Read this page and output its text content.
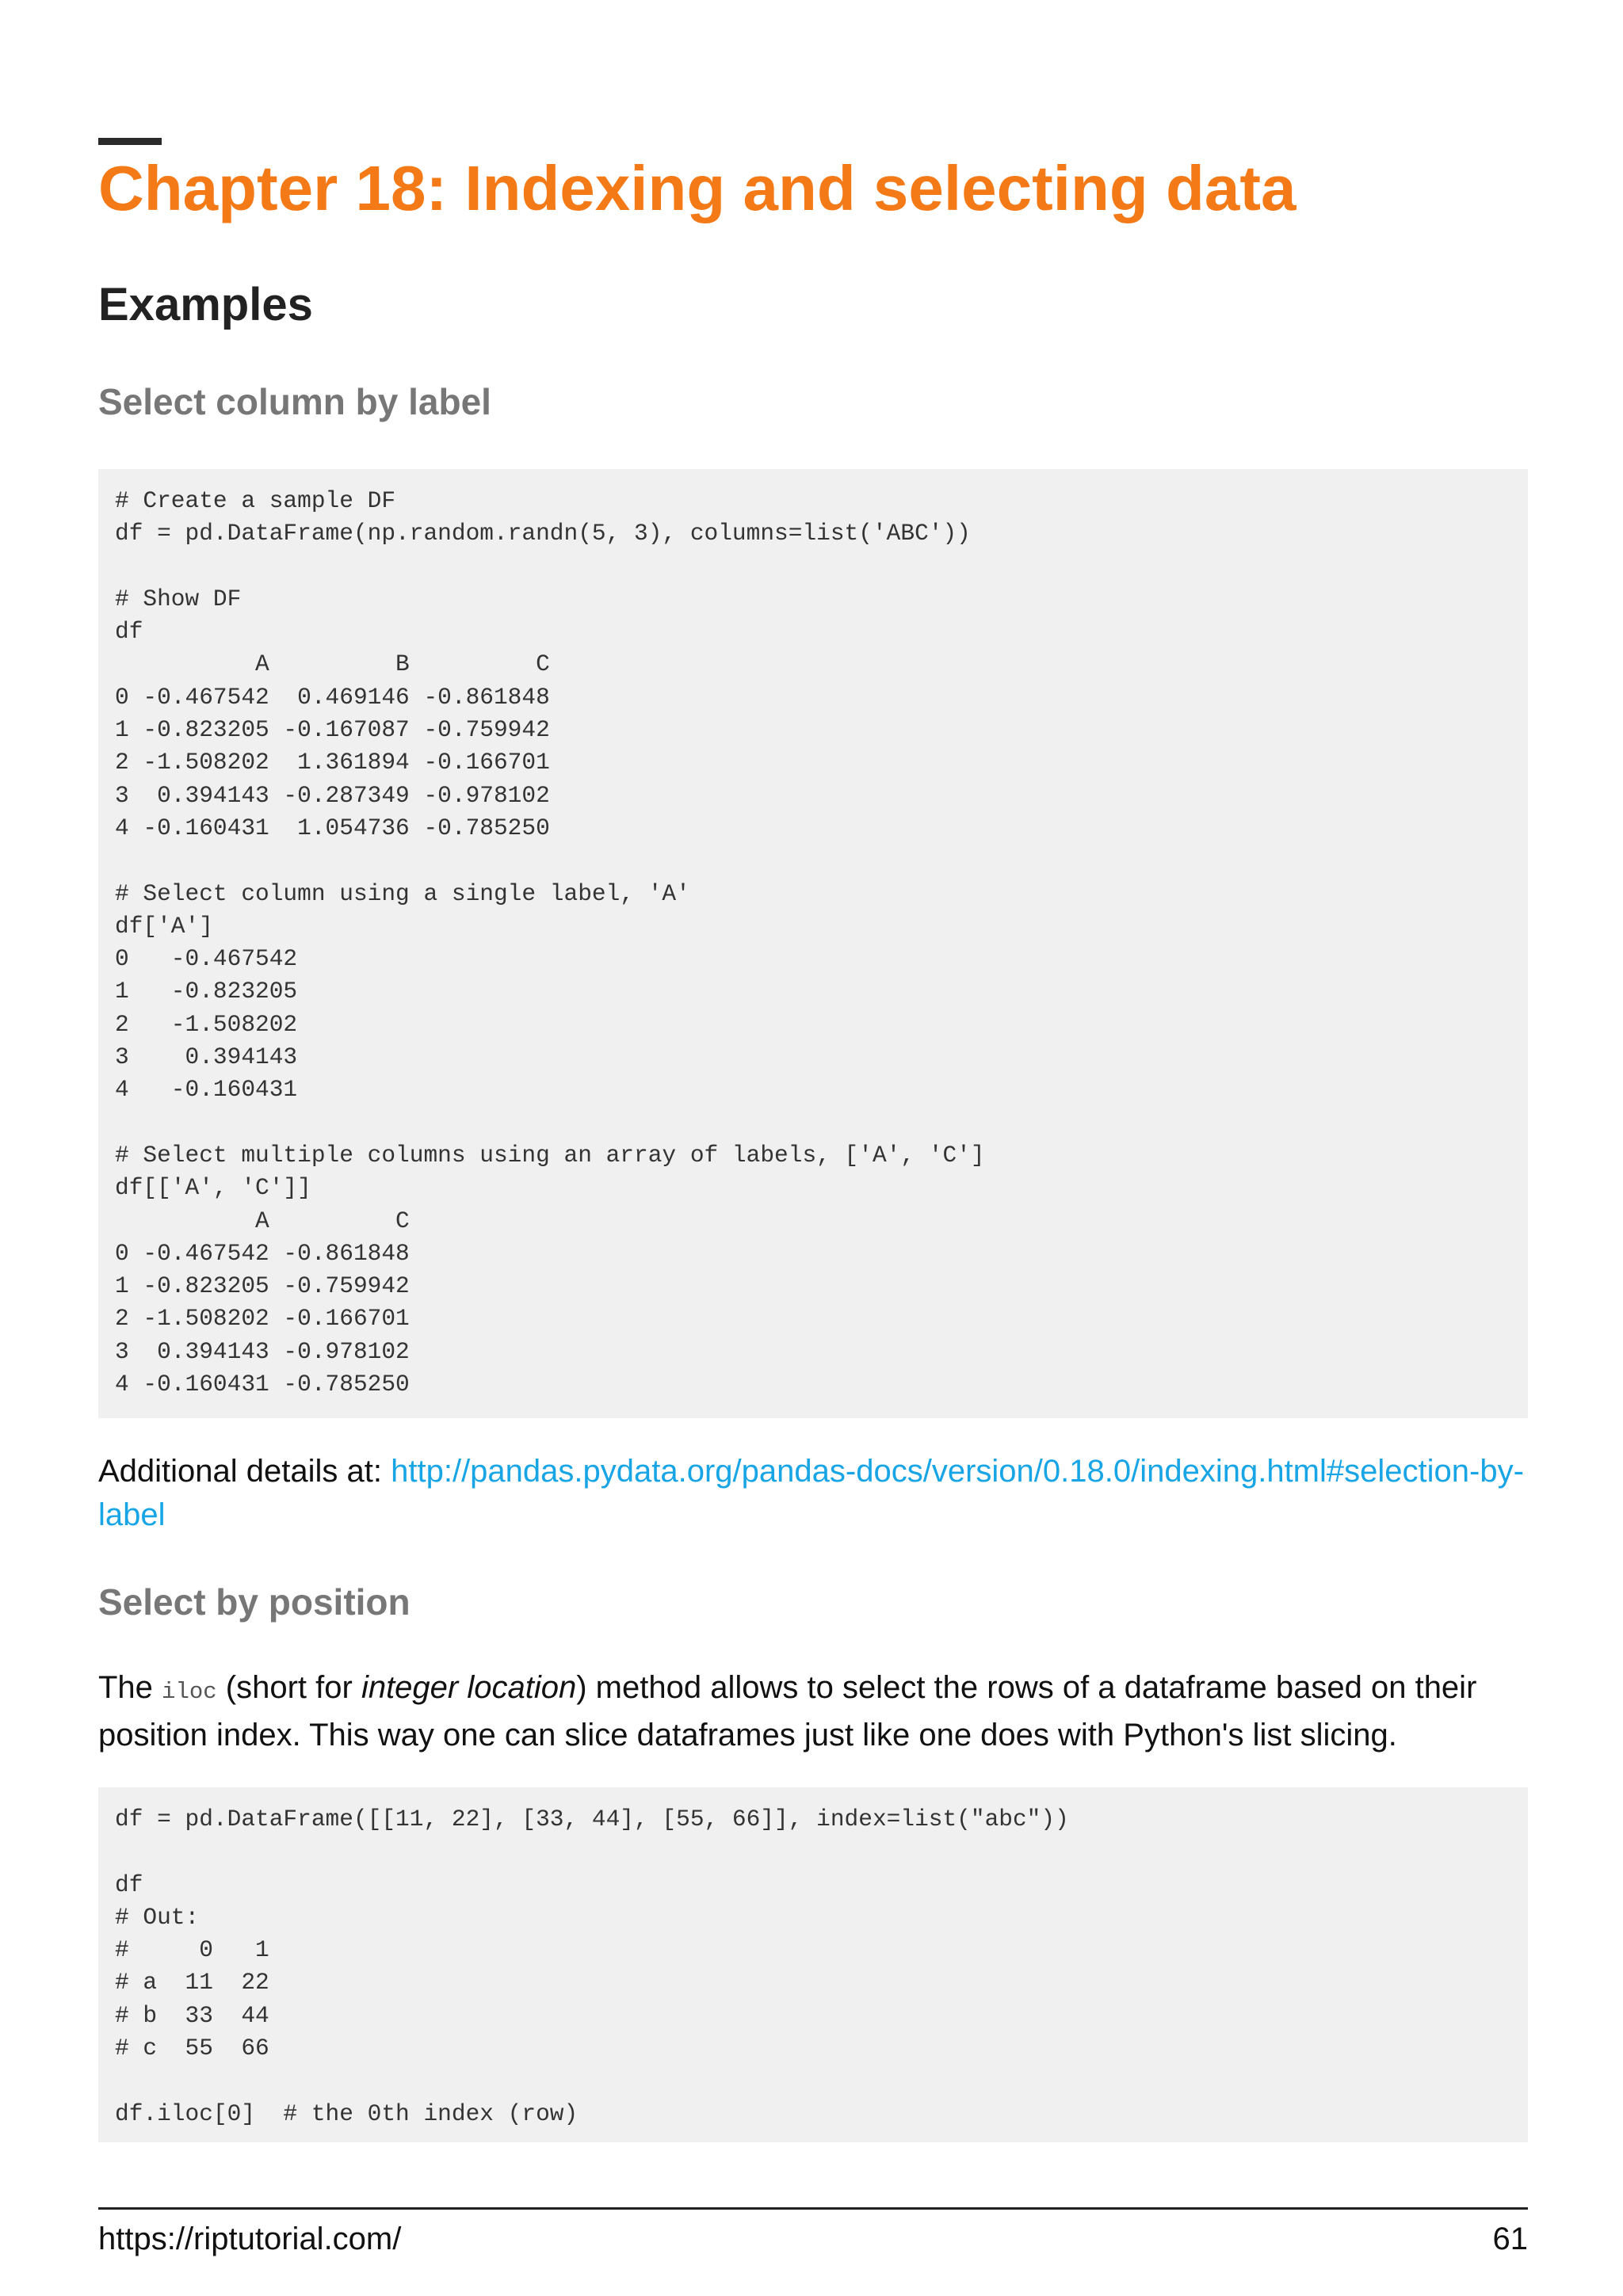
Chapter 18: Indexing and selecting data
Examples
Select column by label
# Create a sample DF
df = pd.DataFrame(np.random.randn(5, 3), columns=list('ABC'))

# Show DF
df
A         B         C
0 -0.467542  0.469146 -0.861848
1 -0.823205 -0.167087 -0.759942
2 -1.508202  1.361894 -0.166701
3  0.394143 -0.287349 -0.978102
4 -0.160431  1.054736 -0.785250

# Select column using a single label, 'A'
df['A']
0   -0.467542
1   -0.823205
2   -1.508202
3    0.394143
4   -0.160431

# Select multiple columns using an array of labels, ['A', 'C']
df[['A', 'C']]
A         C
0 -0.467542 -0.861848
1 -0.823205 -0.759942
2 -1.508202 -0.166701
3  0.394143 -0.978102
4 -0.160431 -0.785250

Additional details at: http://pandas.pydata.org/pandas-docs/version/0.18.0/indexing.html#selection-by-label

Select by position

The iloc (short for integer location) method allows to select the rows of a dataframe based on their position index. This way one can slice dataframes just like one does with Python's list slicing.

df = pd.DataFrame([[11, 22], [33, 44], [55, 66]], index=list("abc"))

df
# Out:
#     0   1
# a  11  22
# b  33  44
# c  55  66

df.iloc[0]  # the 0th index (row)
https://riptutorial.com/	61
